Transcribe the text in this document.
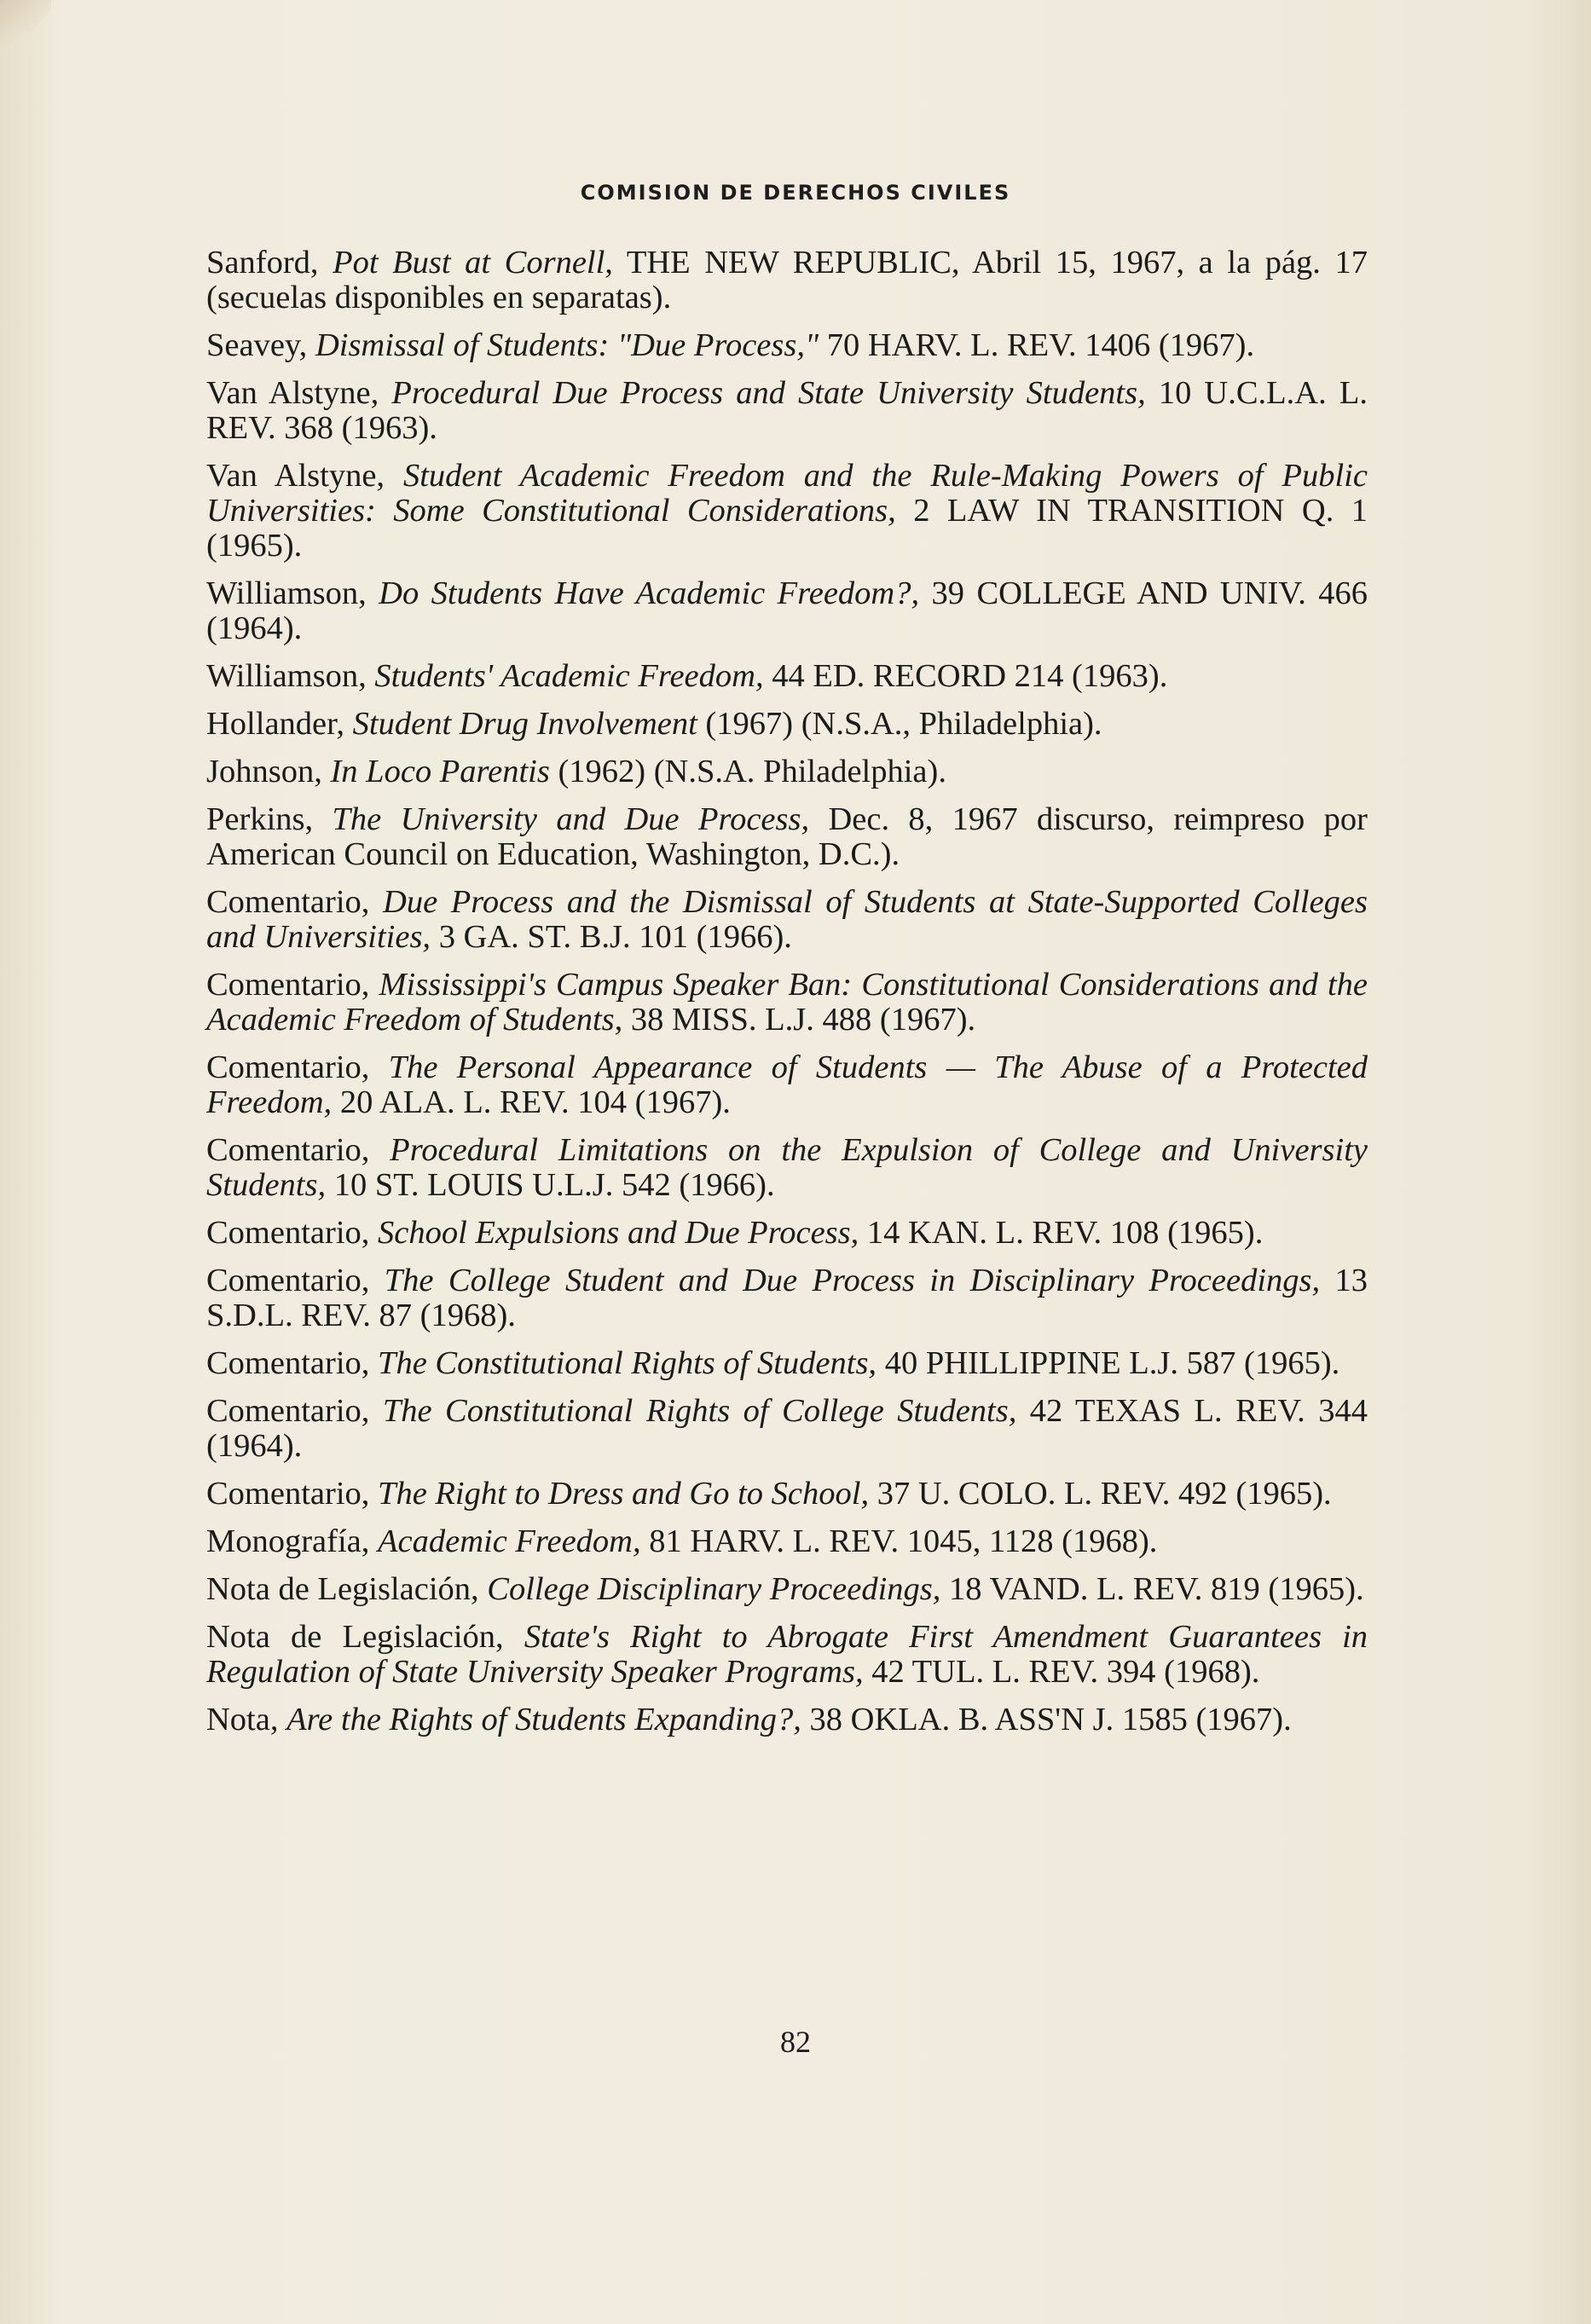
COMISION DE DERECHOS CIVILES

Sanford, Pot Bust at Cornell, THE NEW REPUBLIC, Abril 15, 1967, a la pág. 17 (secuelas disponibles en separatas).

Seavey, Dismissal of Students: "Due Process," 70 HARV. L. REV. 1406 (1967).

Van Alstyne, Procedural Due Process and State University Students, 10 U.C.L.A. L. REV. 368 (1963).

Van Alstyne, Student Academic Freedom and the Rule-Making Powers of Public Universities: Some Constitutional Considerations, 2 LAW IN TRANSITION Q. 1 (1965).

Williamson, Do Students Have Academic Freedom?, 39 COLLEGE AND UNIV. 466 (1964).

Williamson, Students' Academic Freedom, 44 ED. RECORD 214 (1963).

Hollander, Student Drug Involvement (1967) (N.S.A., Philadelphia).

Johnson, In Loco Parentis (1962) (N.S.A. Philadelphia).

Perkins, The University and Due Process, Dec. 8, 1967 discurso, reimpreso por American Council on Education, Washington, D.C.).

Comentario, Due Process and the Dismissal of Students at State-Supported Colleges and Universities, 3 GA. ST. B.J. 101 (1966).

Comentario, Mississippi's Campus Speaker Ban: Constitutional Considerations and the Academic Freedom of Students, 38 MISS. L.J. 488 (1967).

Comentario, The Personal Appearance of Students — The Abuse of a Protected Freedom, 20 ALA. L. REV. 104 (1967).

Comentario, Procedural Limitations on the Expulsion of College and University Students, 10 ST. LOUIS U.L.J. 542 (1966).

Comentario, School Expulsions and Due Process, 14 KAN. L. REV. 108 (1965).

Comentario, The College Student and Due Process in Disciplinary Proceedings, 13 S.D.L. REV. 87 (1968).

Comentario, The Constitutional Rights of Students, 40 PHILLIPPINE L.J. 587 (1965).

Comentario, The Constitutional Rights of College Students, 42 TEXAS L. REV. 344 (1964).

Comentario, The Right to Dress and Go to School, 37 U. COLO. L. REV. 492 (1965).

Monografía, Academic Freedom, 81 HARV. L. REV. 1045, 1128 (1968).

Nota de Legislación, College Disciplinary Proceedings, 18 VAND. L. REV. 819 (1965).

Nota de Legislación, State's Right to Abrogate First Amendment Guarantees in Regulation of State University Speaker Programs, 42 TUL. L. REV. 394 (1968).

Nota, Are the Rights of Students Expanding?, 38 OKLA. B. ASS'N J. 1585 (1967).

82
